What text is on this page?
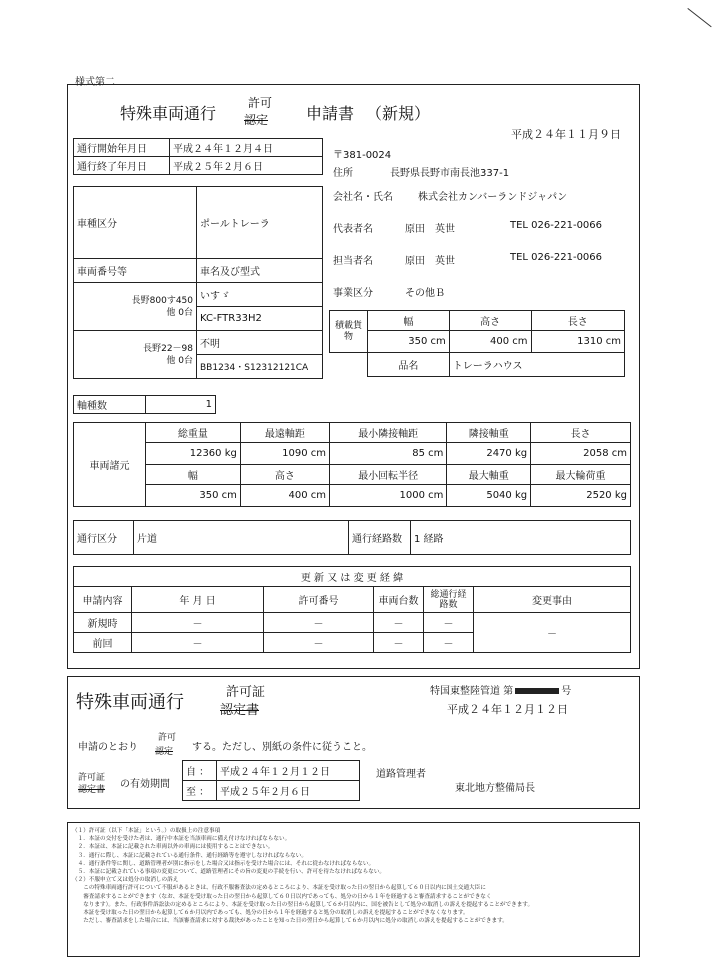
様式第二
特殊車両通行
許可
認定 申請書 （新規）
平成２４年１１月９日
通行開始年月日	平成２４年１２月４日
通行終了年月日	平成２５年２月６日
〒381-0024
住所	長野県長野市南長池337-1
会社名・氏名	株式会社カンバーランドジャパン
代表者名	原田　英世	TEL 026-221-0066
担当者名	原田　英世	TEL 026-221-0066
事業区分	その他Ｂ
車種区分	ポールトレーラ
車両番号等	車名及び型式
長野800す450
他 0台	いすゞ
	KC-FTR33H2
長野22－98
他 0台	不明
	BB1234・S12312121CA
積載貨物	幅	高さ	長さ
	350 cm	400 cm	1310 cm
	品名	トレーラハウス	
軸種数	1
車両諸元	総重量	最遠軸距	最小隣接軸距	隣接軸重	長さ
	12360 kg	1090 cm	85 cm	2470 kg	2058 cm
	幅	高さ	最小回転半径	最大軸重	最大輪荷重
	350 cm	400 cm	1000 cm	5040 kg	2520 kg
通行区分	片道	通行経路数	1 経路
更 新 又 は 変 更 経 緯					
申請内容	年 月 日	許可番号	車両台数	総通行経路数	変更事由
新規時	－	－	－	－	－
前回	－	－	－	－	
特殊車両通行	許可証
認定書
特国東整陸管道 第	号
平成２４年１２月１２日
申請のとおり
許可
認定 する。ただし、別紙の条件に従うこと。
許可証
認定書 の有効期間
自 ：	平成２４年１２月１２日
至 ：	平成２５年２月６日
道路管理者
東北地方整備局長
（１）許可証（以下「本証」という。）の取扱上の注意事項
　１．本証の交付を受けた者は、通行中本証を当該車両に備え付けなければならない。
　２．本証は、本証に記載された車両以外の車両には使用することはできない。
　３．通行に際し、本証に記載されている通行条件、通行経路等を遵守しなければならない。
　４．通行条件等に関し、道路管理者が別に指示をした場合又は指示を受けた場合には、それに従わなければならない。
　５．本証に記載されている事項の変更について、道路管理者にその旨の変更の手続を行い、許可を待たなければならない。
（２）不服申立て又は処分の取消しの訴え
　　この特殊車両通行許可について不服があるときは、行政不服審査法の定めるところにより、本証を受け取った日の翌日から起算して６０日以内に国土交通大臣に
　　審査請求することができます（なお、本証を受け取った日の翌日から起算して６０日以内であっても、処分の日から１年を経過すると審査請求することができなく
　　なります）。また、行政事件訴訟法の定めるところにより、本証を受け取った日の翌日から起算して６か月以内に、国を被告として処分の取消しの訴えを提起することができます。
　　本証を受け取った日の翌日から起算して６か月以内であっても、処分の日から１年を経過すると処分の取消しの訴えを提起することができなくなります。
　　ただし、審査請求をした場合には、当該審査請求に対する裁決があったことを知った日の翌日から起算して６か月以内に処分の取消しの訴えを提起することができます。
